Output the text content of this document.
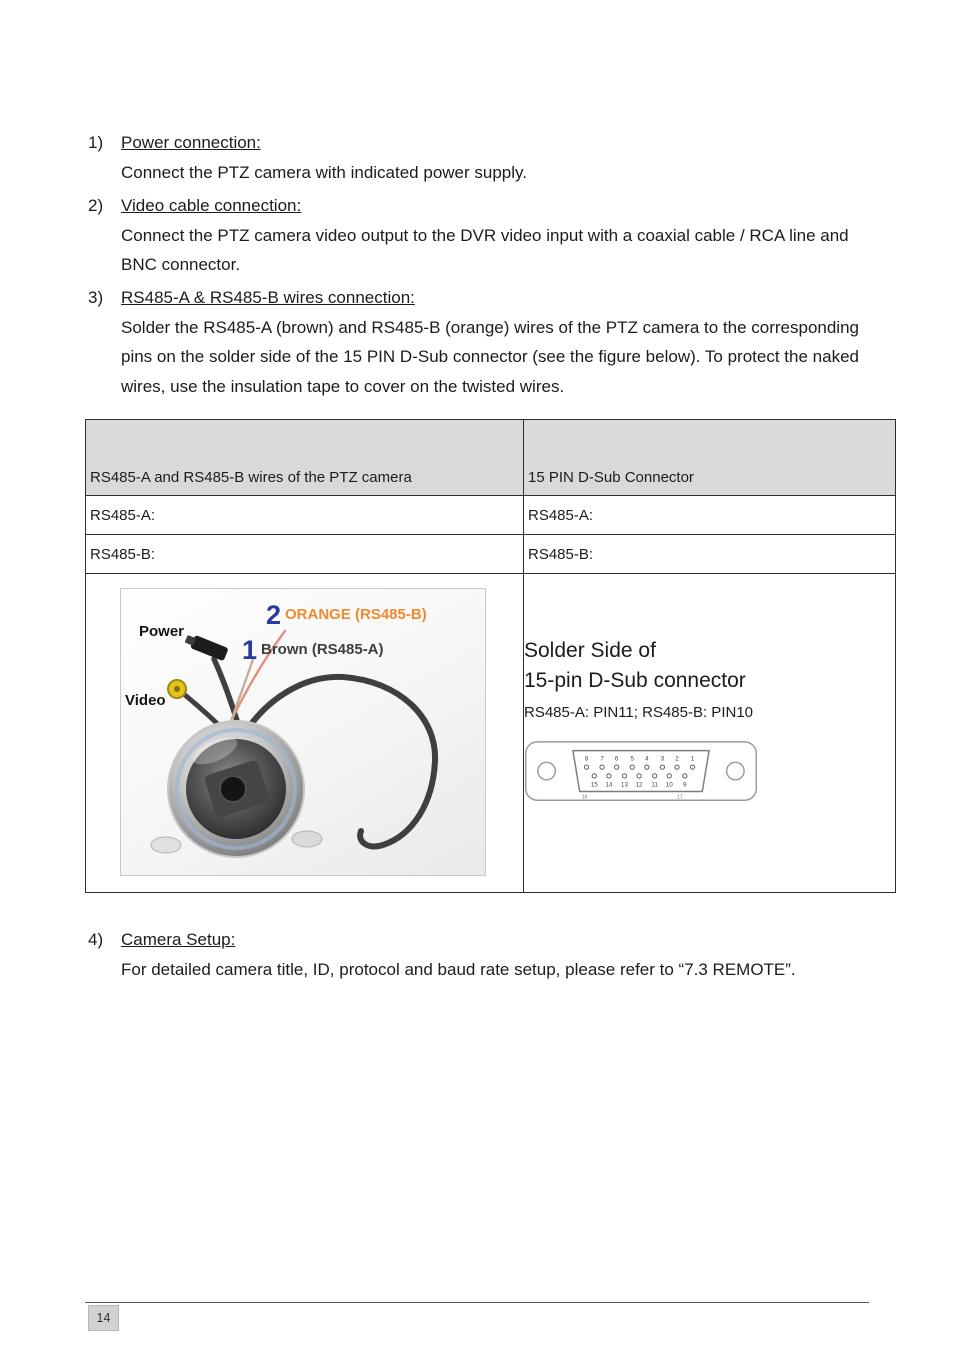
1)	Power connection:

Connect the PTZ camera with indicated power supply.

2)	Video cable connection:

Connect the PTZ camera video output to the DVR video input with a coaxial cable / RCA line and BNC connector.

3)	RS485-A & RS485-B wires connection:

Solder the RS485-A (brown) and RS485-B (orange) wires of the PTZ camera to the corresponding pins on the solder side of the 15 PIN D-Sub connector (see the figure below). To protect the naked wires, use the insulation tape to cover on the twisted wires.

RS485-A and RS485-B wires of the PTZ camera	15 PIN D-Sub Connector
RS485-A:	RS485-A:
RS485-B:	RS485-B:

Power
Video
2 ORANGE (RS485-B)
1 Brown (RS485-A)	Solder Side of
15-pin D-Sub connector
RS485-A: PIN11; RS485-B: PIN10
8 7 6 5 4 3 2 1
15 14 13 12 11 10 9
16	17
4)	Camera Setup:

For detailed camera title, ID, protocol and baud rate setup, please refer to “7.3 REMOTE”.

14
